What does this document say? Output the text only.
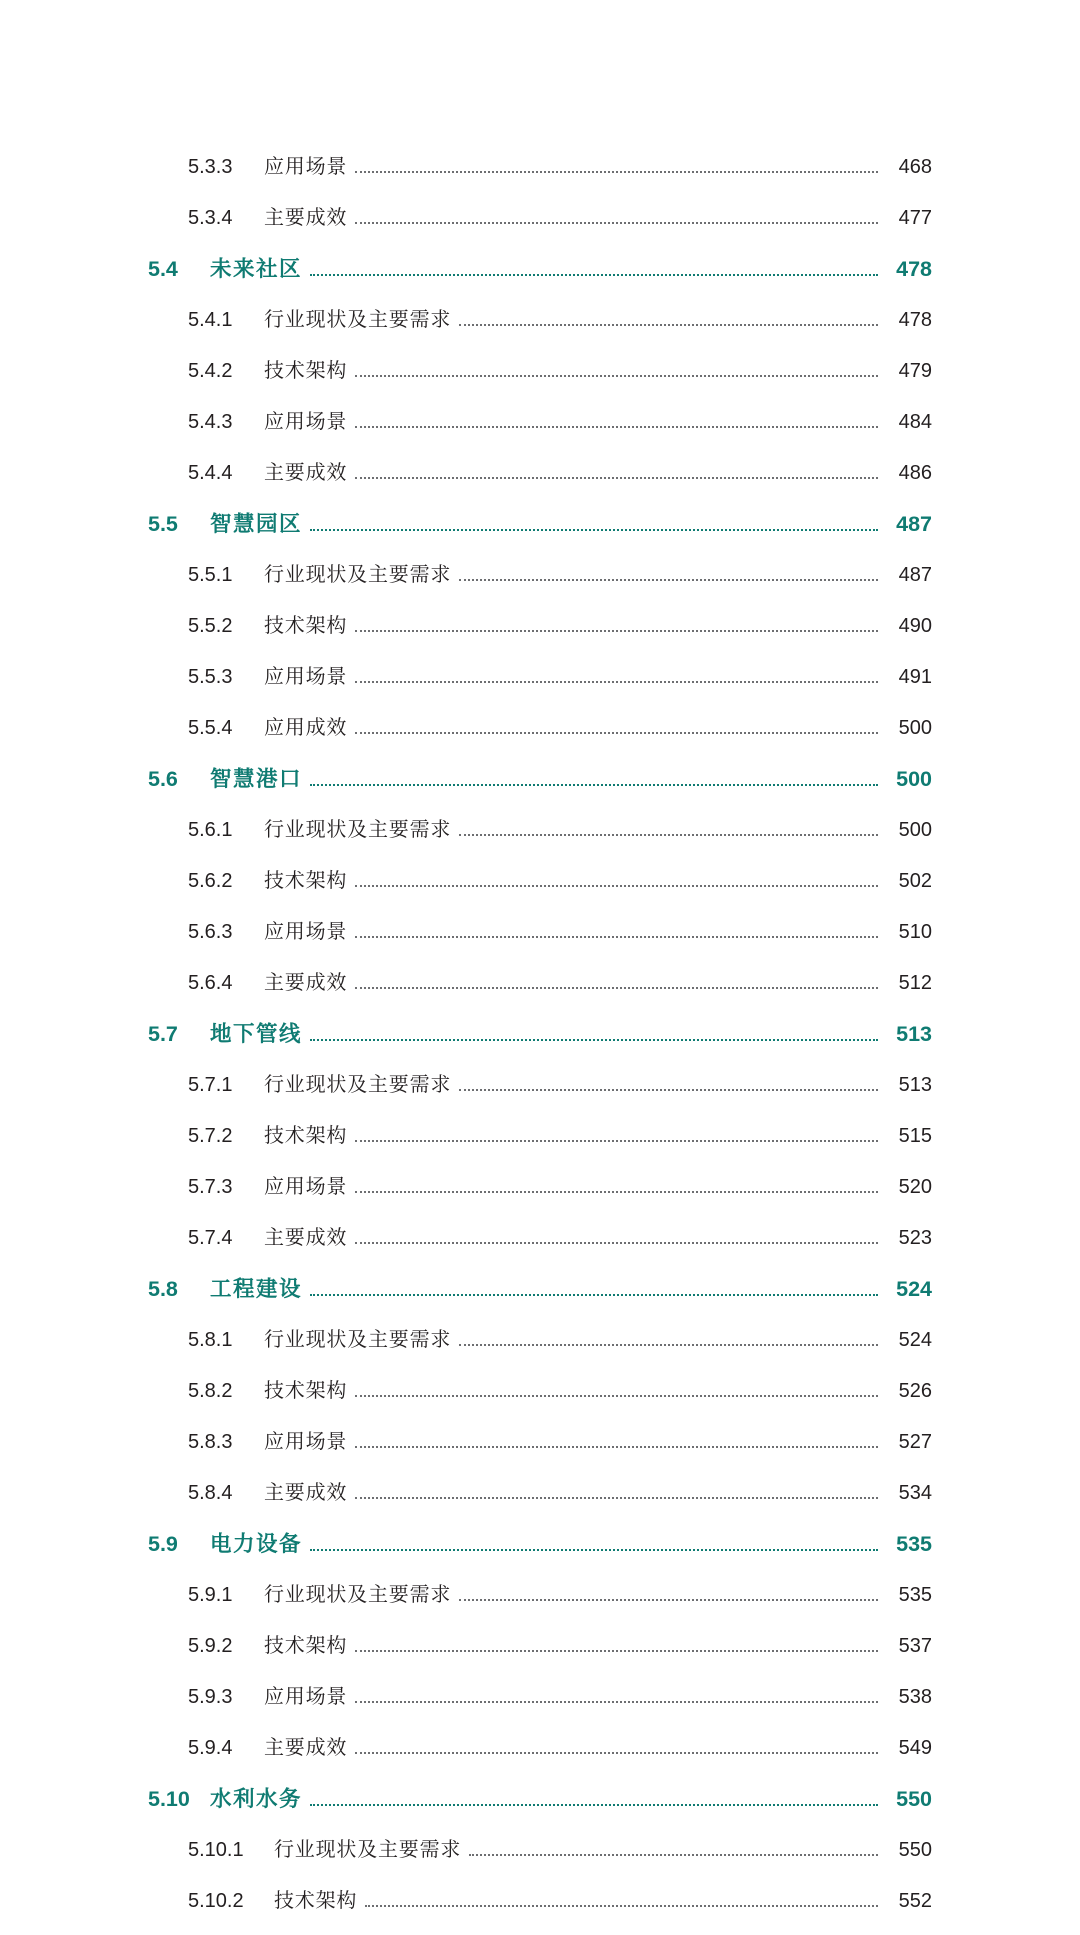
5.3.3	应用场景	468
5.3.4	主要成效	477
5.4	未来社区	478
5.4.1	行业现状及主要需求	478
5.4.2	技术架构	479
5.4.3	应用场景	484
5.4.4	主要成效	486
5.5	智慧园区	487
5.5.1	行业现状及主要需求	487
5.5.2	技术架构	490
5.5.3	应用场景	491
5.5.4	应用成效	500
5.6	智慧港口	500
5.6.1	行业现状及主要需求	500
5.6.2	技术架构	502
5.6.3	应用场景	510
5.6.4	主要成效	512
5.7	地下管线	513
5.7.1	行业现状及主要需求	513
5.7.2	技术架构	515
5.7.3	应用场景	520
5.7.4	主要成效	523
5.8	工程建设	524
5.8.1	行业现状及主要需求	524
5.8.2	技术架构	526
5.8.3	应用场景	527
5.8.4	主要成效	534
5.9	电力设备	535
5.9.1	行业现状及主要需求	535
5.9.2	技术架构	537
5.9.3	应用场景	538
5.9.4	主要成效	549
5.10 水利水务	550
5.10.1	行业现状及主要需求	550
5.10.2	技术架构	552
